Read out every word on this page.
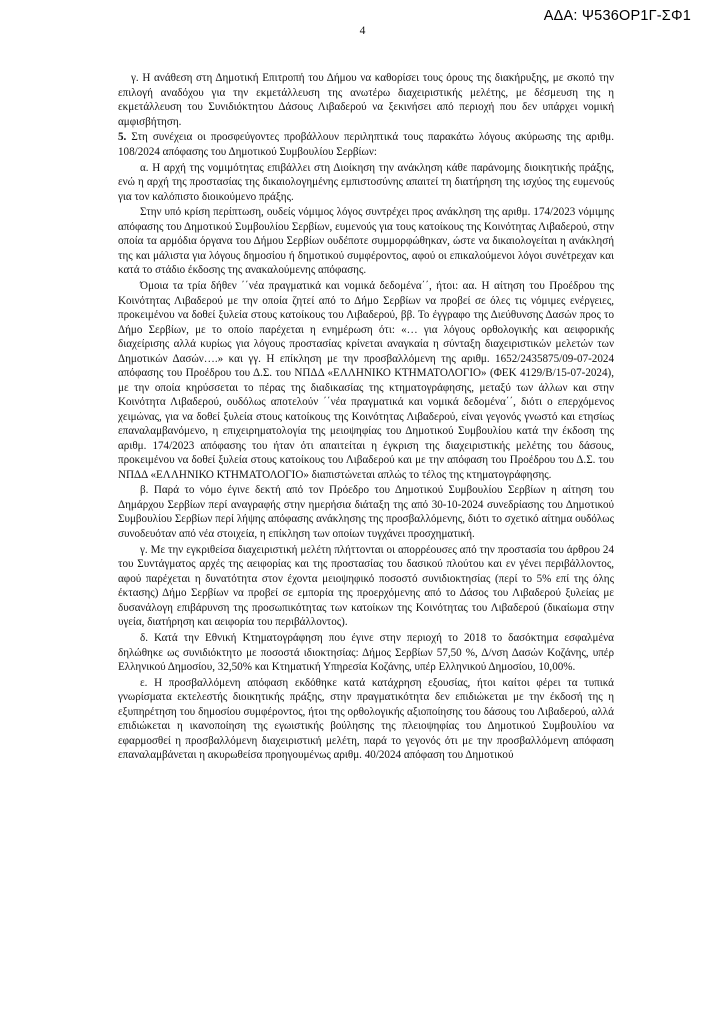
ΑΔΑ: Ψ536ΟΡ1Γ-ΣΦ1
4

γ. Η ανάθεση στη Δημοτική Επιτροπή του Δήμου να καθορίσει τους όρους της διακήρυξης, με σκοπό την επιλογή αναδόχου για την εκμετάλλευση της ανωτέρω διαχειριστικής μελέτης, με δέσμευση της η εκμετάλλευση του Συνιδιόκτητου Δάσους Λιβαδερού να ξεκινήσει από περιοχή που δεν υπάρχει νομική αμφισβήτηση.

5. Στη συνέχεια οι προσφεύγοντες προβάλλουν περιληπτικά τους παρακάτω λόγους ακύρωσης της αριθμ. 108/2024 απόφασης του Δημοτικού Συμβουλίου Σερβίων:

α. Η αρχή της νομιμότητας επιβάλλει στη Διοίκηση την ανάκληση κάθε παράνομης διοικητικής πράξης, ενώ η αρχή της προστασίας της δικαιολογημένης εμπιστοσύνης απαιτεί τη διατήρηση της ισχύος της ευμενούς για τον καλόπιστο διοικούμενο πράξης.

Στην υπό κρίση περίπτωση, ουδείς νόμιμος λόγος συντρέχει προς ανάκληση της αριθμ. 174/2023 νόμιμης απόφασης του Δημοτικού Συμβουλίου Σερβίων, ευμενούς για τους κατοίκους της Κοινότητας Λιβαδερού, στην οποία τα αρμόδια όργανα του Δήμου Σερβίων ουδέποτε συμμορφώθηκαν, ώστε να δικαιολογείται η ανάκλησή της και μάλιστα για λόγους δημοσίου ή δημοτικού συμφέροντος, αφού οι επικαλούμενοι λόγοι συνέτρεχαν και κατά το στάδιο έκδοσης της ανακαλούμενης απόφασης.

Όμοια τα τρία δήθεν ΄΄νέα πραγματικά και νομικά δεδομένα΄΄, ήτοι: αα. Η αίτηση του Προέδρου της Κοινότητας Λιβαδερού με την οποία ζητεί από το Δήμο Σερβίων να προβεί σε όλες τις νόμιμες ενέργειες, προκειμένου να δοθεί ξυλεία στους κατοίκους του Λιβαδερού, ββ. Το έγγραφο της Διεύθυνσης Δασών προς το Δήμο Σερβίων, με το οποίο παρέχεται η ενημέρωση ότι: «… για λόγους ορθολογικής και αειφορικής διαχείρισης αλλά κυρίως για λόγους προστασίας κρίνεται αναγκαία η σύνταξη διαχειριστικών μελετών των Δημοτικών Δασών….» και γγ. Η επίκληση με την προσβαλλόμενη της αριθμ. 1652/2435875/09-07-2024 απόφασης του Προέδρου του Δ.Σ. του ΝΠΔΔ «ΕΛΛΗΝΙΚΟ ΚΤΗΜΑΤΟΛΟΓΙΟ» (ΦΕΚ 4129/Β/15-07-2024), με την οποία κηρύσσεται το πέρας της διαδικασίας της κτηματογράφησης, μεταξύ των άλλων και στην Κοινότητα Λιβαδερού, ουδόλως αποτελούν ΄΄νέα πραγματικά και νομικά δεδομένα΄΄, διότι ο επερχόμενος χειμώνας, για να δοθεί ξυλεία στους κατοίκους της Κοινότητας Λιβαδερού, είναι γεγονός γνωστό και ετησίως επαναλαμβανόμενο, η επιχειρηματολογία της μειοψηφίας του Δημοτικού Συμβουλίου κατά την έκδοση της αριθμ. 174/2023 απόφασης του ήταν ότι απαιτείται η έγκριση της διαχειριστικής μελέτης του δάσους, προκειμένου να δοθεί ξυλεία στους κατοίκους του Λιβαδερού και με την απόφαση του Προέδρου του Δ.Σ. του ΝΠΔΔ «ΕΛΛΗΝΙΚΟ ΚΤΗΜΑΤΟΛΟΓΙΟ» διαπιστώνεται απλώς το τέλος της κτηματογράφησης.

β. Παρά το νόμο έγινε δεκτή από τον Πρόεδρο του Δημοτικού Συμβουλίου Σερβίων η αίτηση του Δημάρχου Σερβίων περί αναγραφής στην ημερήσια διάταξη της από 30-10-2024 συνεδρίασης του Δημοτικού Συμβουλίου Σερβίων περί λήψης απόφασης ανάκλησης της προσβαλλόμενης, διότι το σχετικό αίτημα ουδόλως συνοδευόταν από νέα στοιχεία, η επίκληση των οποίων τυγχάνει προσχηματική.

γ. Με την εγκριθείσα διαχειριστική μελέτη πλήττονται οι απορρέουσες από την προστασία του άρθρου 24 του Συντάγματος αρχές της αειφορίας και της προστασίας του δασικού πλούτου και εν γένει περιβάλλοντος, αφού παρέχεται η δυνατότητα στον έχοντα μειοψηφικό ποσοστό συνιδιοκτησίας (περί το 5% επί της όλης έκτασης) Δήμο Σερβίων να προβεί σε εμπορία της προερχόμενης από το Δάσος του Λιβαδερού ξυλείας με δυσανάλογη επιβάρυνση της προσωπικότητας των κατοίκων της Κοινότητας του Λιβαδερού (δικαίωμα στην υγεία, διατήρηση και αειφορία του περιβάλλοντος).

δ. Κατά την Εθνική Κτηματογράφηση που έγινε στην περιοχή το 2018 το δασόκτημα εσφαλμένα δηλώθηκε ως συνιδιόκτητο με ποσοστά ιδιοκτησίας: Δήμος Σερβίων 57,50 %, Δ/νση Δασών Κοζάνης, υπέρ Ελληνικού Δημοσίου, 32,50% και Κτηματική Υπηρεσία Κοζάνης, υπέρ Ελληνικού Δημοσίου, 10,00%.

ε. Η προσβαλλόμενη απόφαση εκδόθηκε κατά κατάχρηση εξουσίας, ήτοι καίτοι φέρει τα τυπικά γνωρίσματα εκτελεστής διοικητικής πράξης, στην πραγματικότητα δεν επιδιώκεται με την έκδοσή της η εξυπηρέτηση του δημοσίου συμφέροντος, ήτοι της ορθολογικής αξιοποίησης του δάσους του Λιβαδερού, αλλά επιδιώκεται η ικανοποίηση της εγωιστικής βούλησης της πλειοψηφίας του Δημοτικού Συμβουλίου να εφαρμοσθεί η προσβαλλόμενη διαχειριστική μελέτη, παρά το γεγονός ότι με την προσβαλλόμενη απόφαση επαναλαμβάνεται η ακυρωθείσα προηγουμένως αριθμ. 40/2024 απόφαση του Δημοτικού
